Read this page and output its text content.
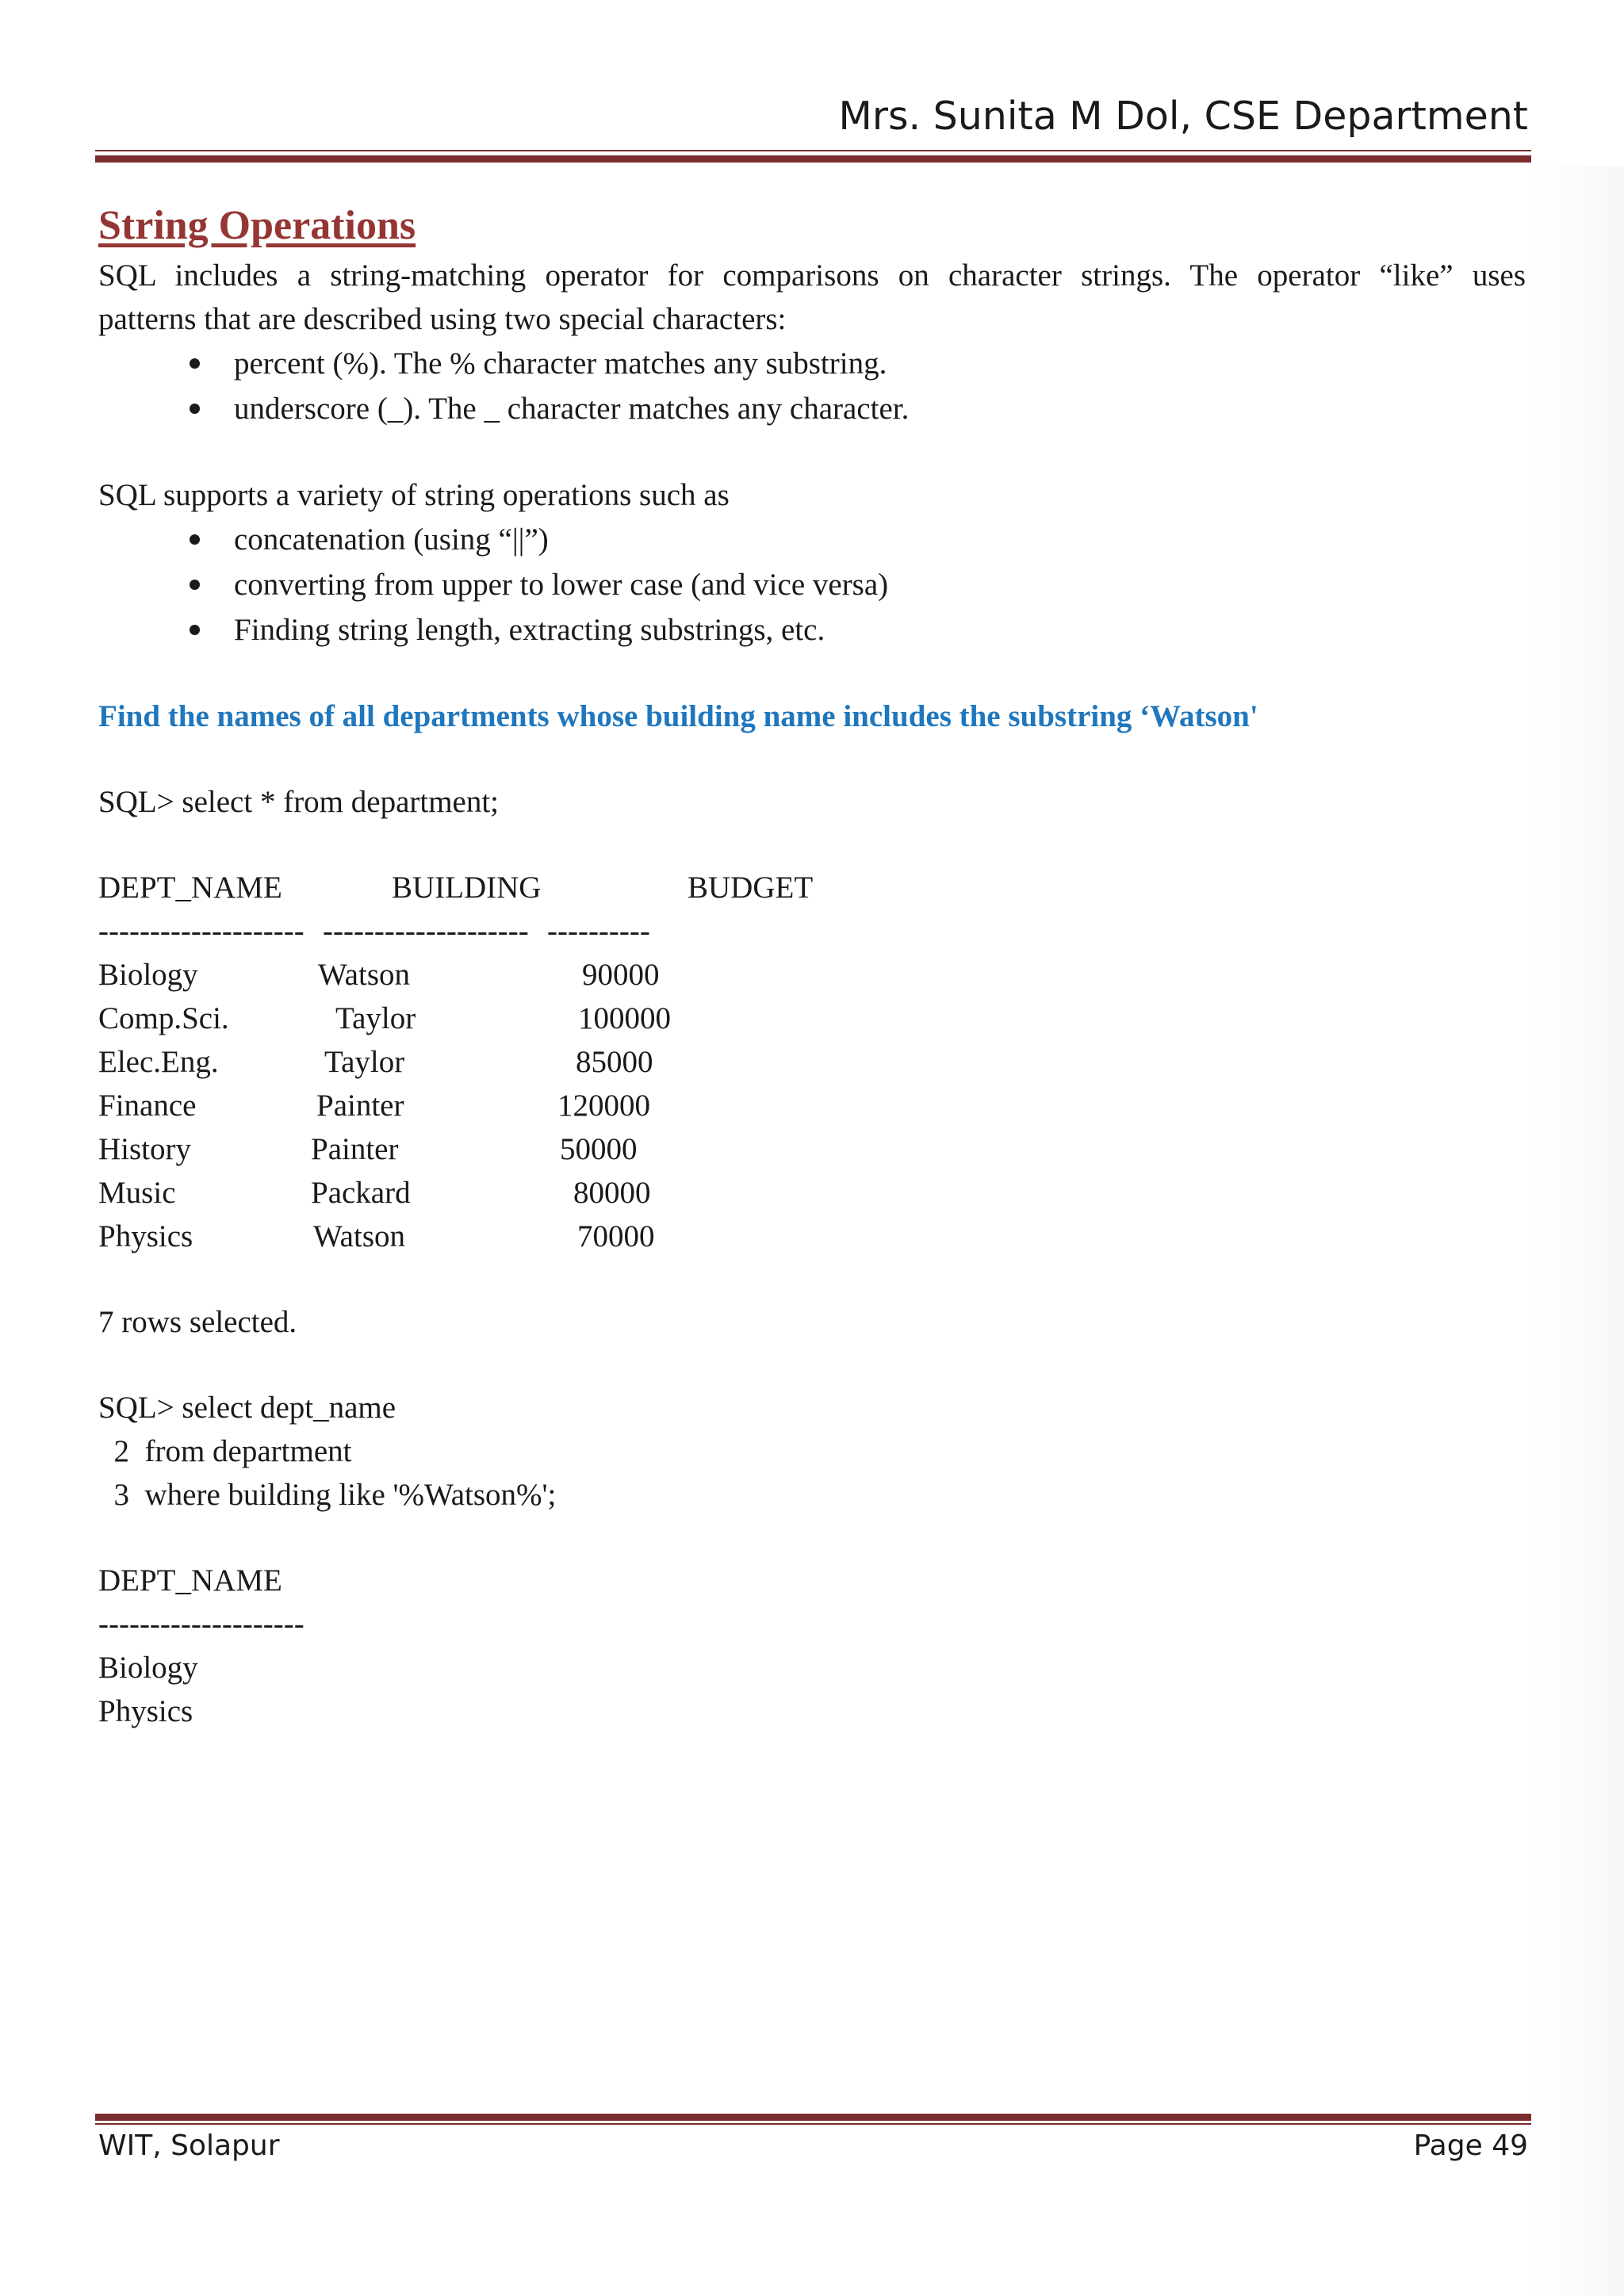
Mrs. Sunita M Dol, CSE Department
String Operations
SQL includes a string-matching operator for comparisons on character strings. The operator “like” uses
patterns that are described using two special characters:
percent (%). The % character matches any substring.
underscore (_). The _ character matches any character.
SQL supports a variety of string operations such as
concatenation (using “||”)
converting from upper to lower case (and vice versa)
Finding string length, extracting substrings, etc.
Find the names of all departments whose building name includes the substring ‘Watson'
SQL> select * from department;
DEPT_NAME	BUILDING	BUDGET
-------------------- -------------------- ----------
Biology	Watson	90000
Comp.Sci.	Taylor	100000
Elec.Eng.	Taylor	85000
Finance	Painter	120000
History	Painter	50000
Music	Packard	80000
Physics	Watson	70000
7 rows selected.
SQL> select dept_name
2  from department
3  where building like '%Watson%';
DEPT_NAME
--------------------
Biology
Physics
WIT, Solapur	Page 49
